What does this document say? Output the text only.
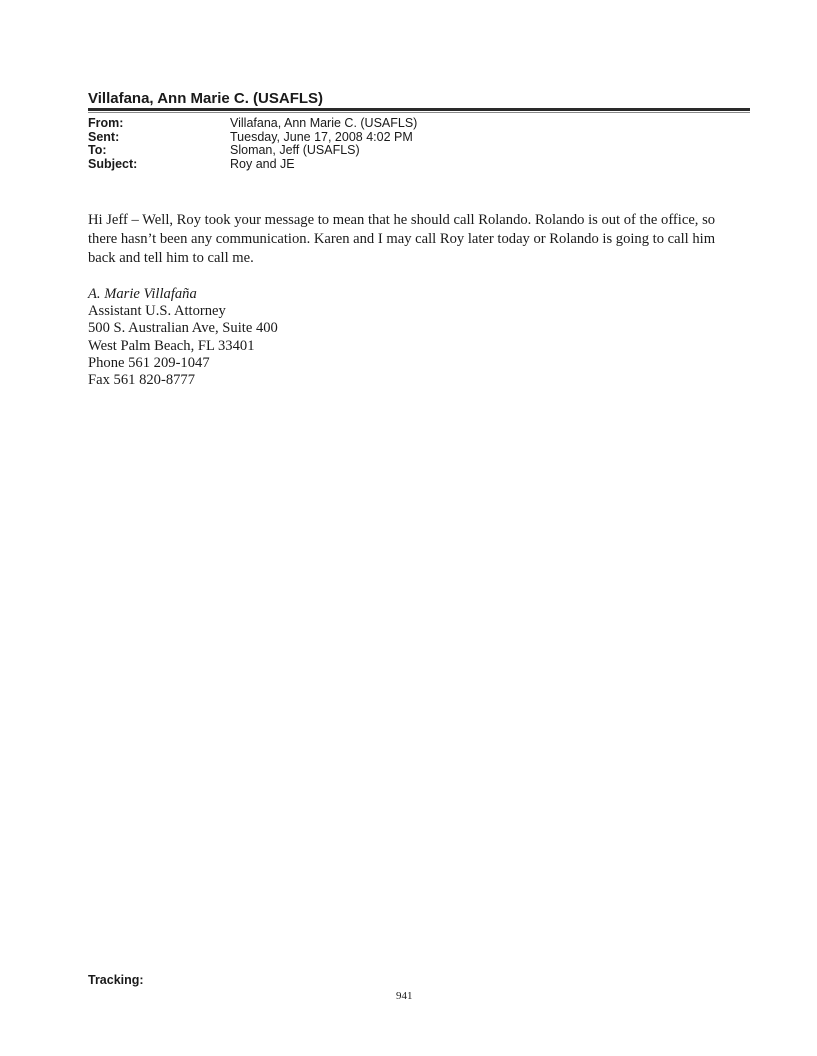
Villafana, Ann Marie C. (USAFLS)
From:	Villafana, Ann Marie C. (USAFLS)
Sent:	Tuesday, June 17, 2008 4:02 PM
To:	Sloman, Jeff (USAFLS)
Subject:	Roy and JE

Hi Jeff – Well, Roy took your message to mean that he should call Rolando. Rolando is out of the office, so there hasn’t been any communication. Karen and I may call Roy later today or Rolando is going to call him back and tell him to call me.

A. Marie Villafaña
Assistant U.S. Attorney
500 S. Australian Ave, Suite 400
West Palm Beach, FL 33401
Phone 561 209-1047
Fax 561 820-8777
Tracking:
941
